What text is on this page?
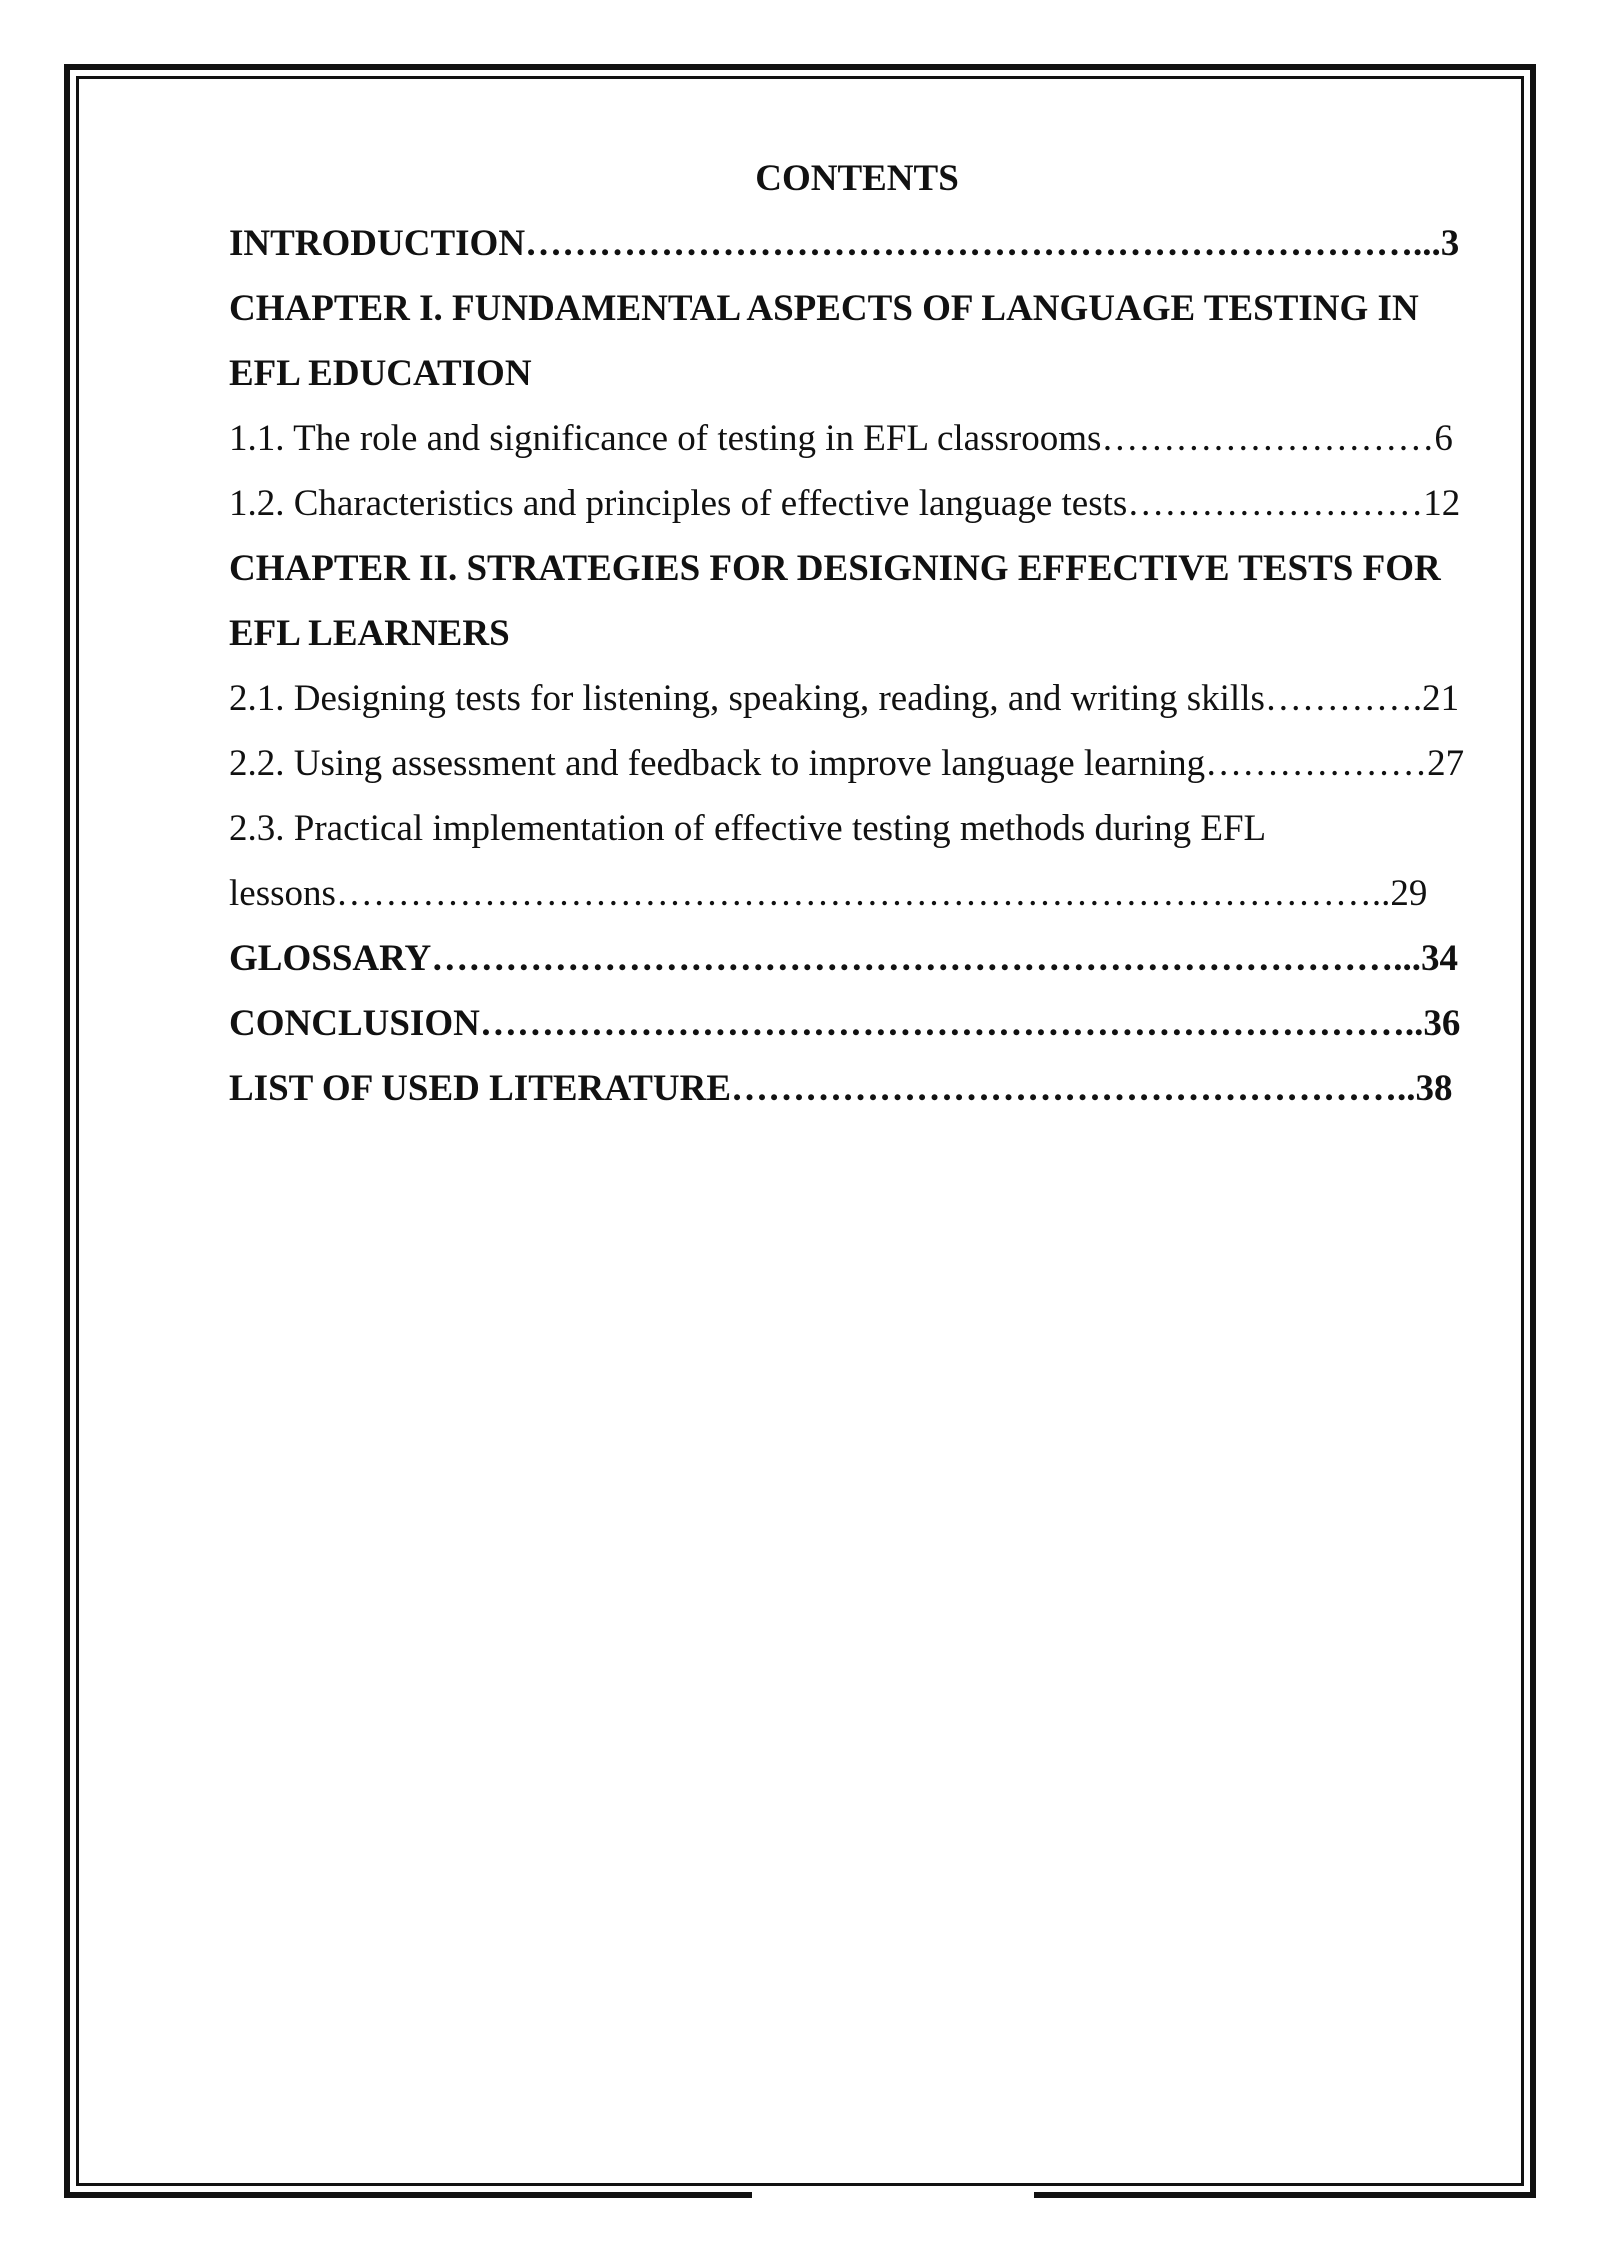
CONTENTS
INTRODUCTION………………………………………………………………...3
CHAPTER I. FUNDAMENTAL ASPECTS OF LANGUAGE TESTING IN
EFL EDUCATION
1.1. The role and significance of testing in EFL classrooms………………………6
1.2. Characteristics and principles of effective language tests……………………12
CHAPTER II. STRATEGIES FOR DESIGNING EFFECTIVE TESTS FOR
EFL LEARNERS
2.1. Designing tests for listening, speaking, reading, and writing skills………….21
2.2. Using assessment and feedback to improve language learning………………27
2.3. Practical implementation of effective testing methods during EFL
lessons…………………………………………………………………………..29
GLOSSARY……………………………………………………………………...34
CONCLUSION…………………………………………………………………..36
LIST OF USED LITERATURE………………………………………………..38
